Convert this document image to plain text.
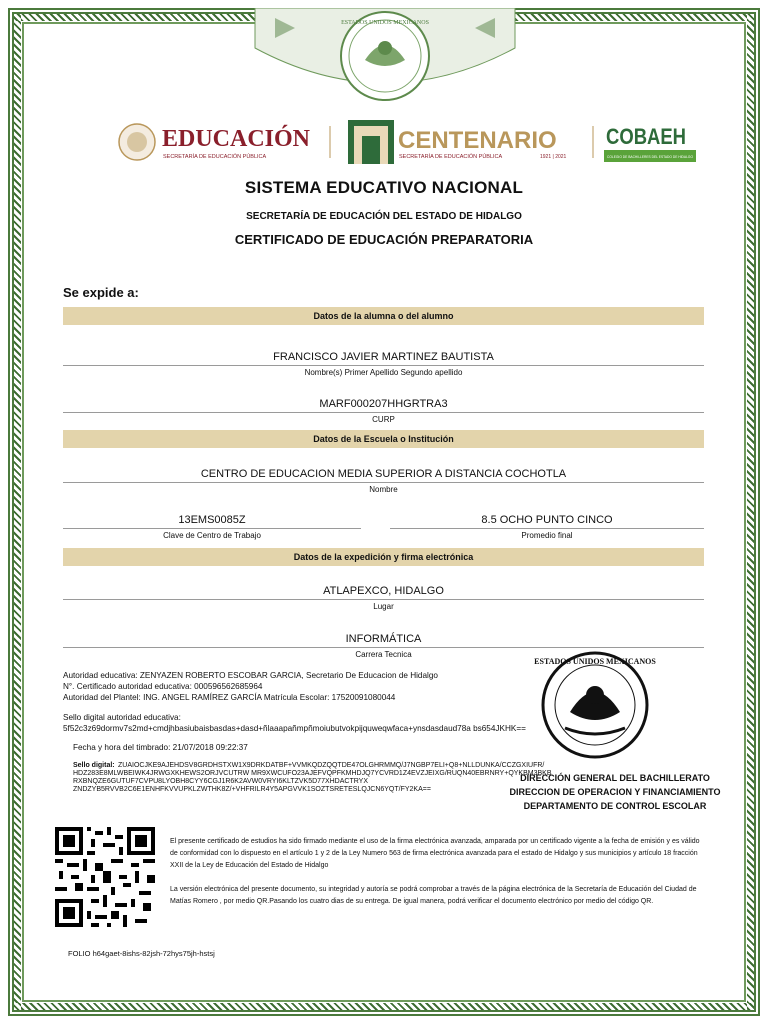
ESTADOS UNIDOS MEXICANOS
EDUCACIÓN
SECRETARÍA DE EDUCACIÓN PÚBLICA
CENTENARIO
SECRETARÍA DE EDUCACIÓN PÚBLICA	1921 | 2021
COBAEH
COLEGIO DE BACHILLERES DEL ESTADO DE HIDALGO
SISTEMA EDUCATIVO NACIONAL
SECRETARÍA DE EDUCACIÓN DEL ESTADO DE HIDALGO
CERTIFICADO DE EDUCACIÓN PREPARATORIA
Se expide a:
Datos de la alumna o del alumno
FRANCISCO JAVIER MARTINEZ BAUTISTA
Nombre(s) Primer Apellido Segundo apellido
MARF000207HHGRTRA3
CURP
Datos de la Escuela o Institución
CENTRO DE EDUCACION MEDIA SUPERIOR A DISTANCIA COCHOTLA
Nombre
13EMS0085Z
Clave de Centro de Trabajo
8.5 OCHO PUNTO CINCO
Promedio final
Datos de la expedición y firma electrónica
ATLAPEXCO, HIDALGO
Lugar
INFORMÁTICA
Carrera Tecnica
Autoridad educativa: ZENYAZEN ROBERTO ESCOBAR GARCIA, Secretario De Educacion de Hidalgo
N°. Certificado autoridad educativa: 000596562685964
Autoridad del Plantel: ING. ANGEL RAMÍREZ GARCÍA Matrícula Escolar: 17520091080044
Sello digital autoridad educativa:
5f52c3z69dormv7s2md+cmdjhbasiubaisbasdas+dasd+ñlaaapañmpñmoiubutvokpijquweqwfaca+ynsdasdaud78a bs654JKHK==
Fecha y hora del timbrado: 21/07/2018 09:22:37
Sello digital: ZUAIOCJKE9AJEHDSV8GRDHSTXW1X9DRKDATBF+VVMKQDZQQTDE47OLGHRMMQ/J7NGBP7ELI+Q8+NLLDUNKA/CCZGXIUFR/
HDZ283E8MLWBEIWK4JRWGXKHEWS2ORJVCUTRW MR9XWCUFO23AJEFVQPFKMHDJQ7YCVRD1Z4EVZJEIXG/RUQN40EBRNRY+QYKBM3BKB
RXBNQZE6GUTUF7CVPU8LYOBH8CYY6CGJ1R6K2AVW0VRYI6KLTZVK5D77XHDACTRYX
ZNDZYB5RVVB2C6E1ENHFKVVUPKLZWTHK8Z/+VHFRILR4Y5APGVVK1SOZTSRETESLQJCN6YQT/FY2KA==
ESTADOS UNIDOS MEXICANOS
DIRECCIÓN GENERAL DEL BACHILLERATO
DIRECCION DE OPERACION Y FINANCIAMIENTO
DEPARTAMENTO DE CONTROL ESCOLAR
El presente certificado de estudios ha sido firmado mediante el uso de la firma electrónica avanzada, amparada por un certificado vigente a la fecha de emisión y es válido de conformidad con lo dispuesto en el artículo 1 y 2 de la Ley Numero 563 de firma electrónica avanzada para el estado de Hidalgo y sus municipios y artículo 18 fracción XXII de la Ley de Educación del Estado de Hidalgo
La versión electrónica del presente documento, su integridad y autoría se podrá comprobar a través de la página electrónica de la Secretaría de Educación del Ciudad de Matías Romero , por medio QR.Pasando los cuatro dias de su entrega. De igual manera, podrá verificar el documento electrónico por medio del código QR.
FOLIO h64gaet-8ishs-82jsh-72hys75jh-hstsj
